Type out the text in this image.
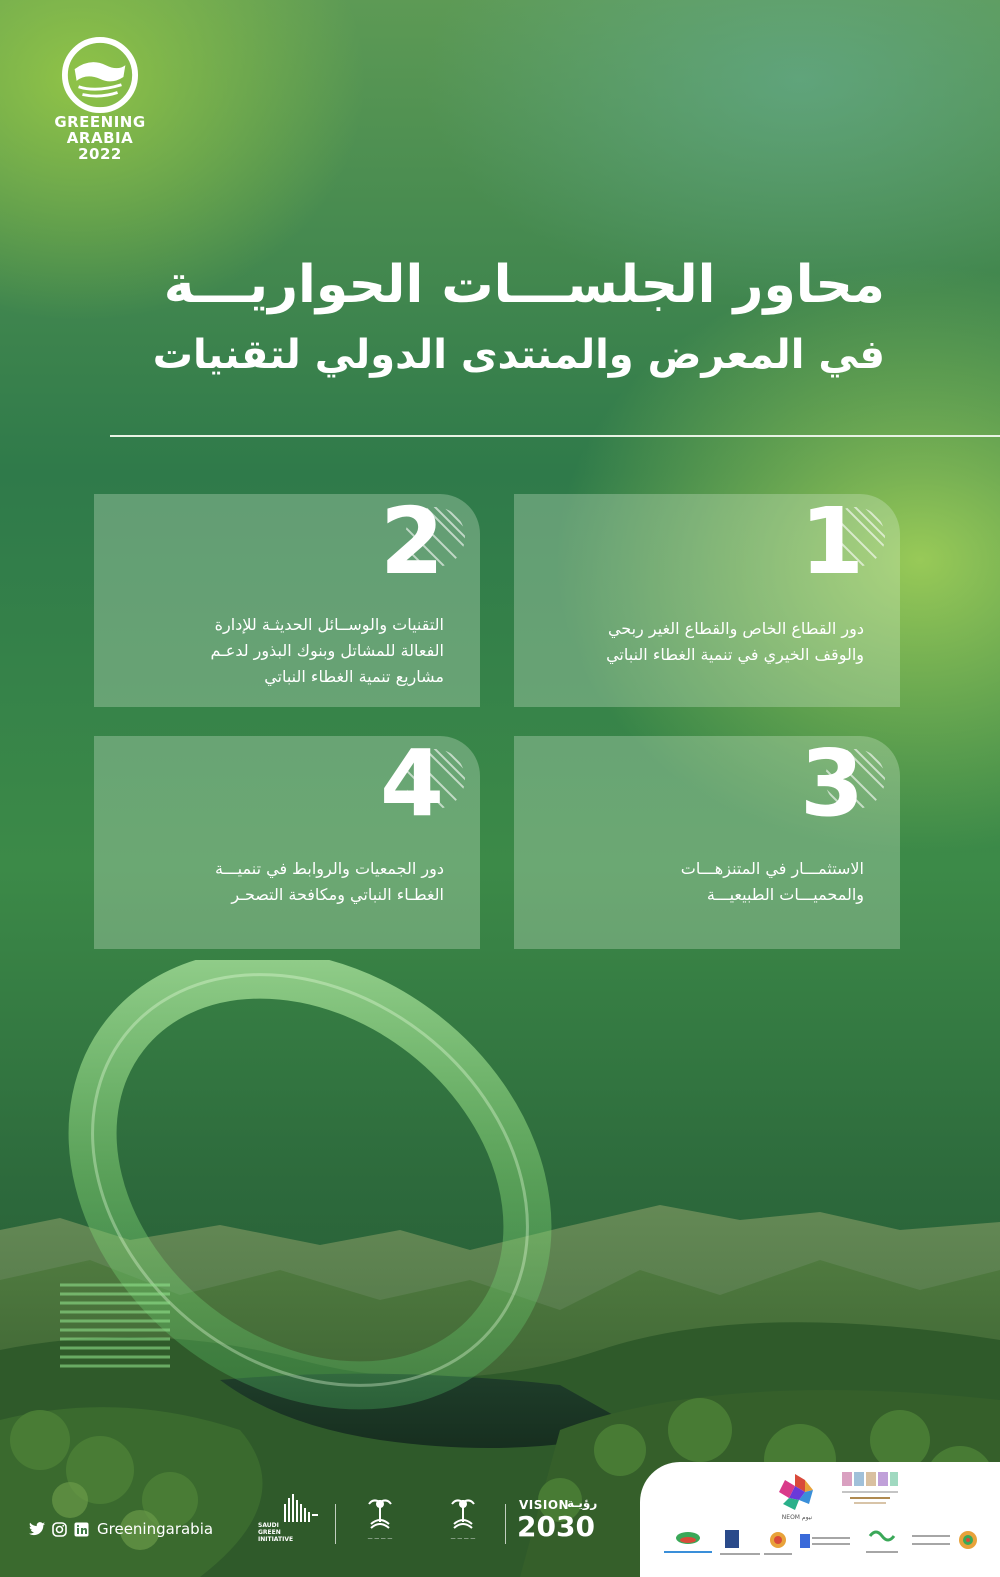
GREENING
ARABIA
2022
محاور الجلســـات الحواريـــة
في المعرض والمنتدى الدولي لتقنيات
1
دور القطاع الخاص والقطاع الغير ربحي
والوقف الخيري في تنمية الغطاء النباتي
2
التقنيات والوســائل الحديثـة للإدارة
الفعالة للمشاتل وبنوك البذور لدعـم
مشاريع تنمية الغطاء النباتي
3
الاستثمـــار في المتنزهـــات
والمحميـــات الطبيعيـــة
4
دور الجمعيات والروابط في تنميـــة
الغطـاء النباتي ومكافحة التصحـر
Greeningarabia	SAUDI GREEN INITIATIVE	— — — —	— — — —
VISION
رؤيـة
2030	NEOM نيوم
